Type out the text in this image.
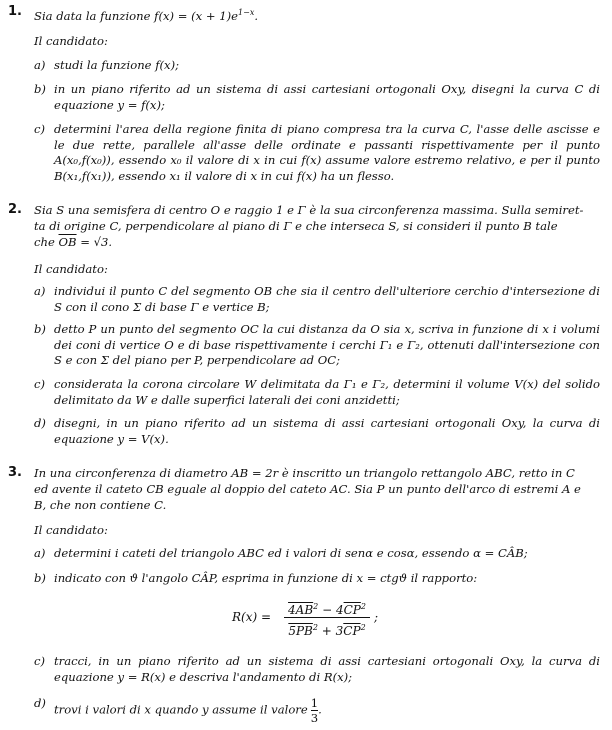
1. Sia data la funzione $f(x) = (x + 1)e^{1-x}$.
Il candidato:
a) studi la funzione f(x);
b) in un piano riferito ad un sistema di assi cartesiani ortogonali Oxy, disegni la curva C di equazione y = f(x);
c) determini l'area della regione finita di piano compresa tra la curva C, l'asse delle ascisse e le due rette, parallele all'asse delle ordinate e passanti rispettivamente per il punto A(x₀,f(x₀)), essendo x₀ il valore di x in cui f(x) assume valore estremo relativo, e per il punto B(x₁,f(x₁)), essendo x₁ il valore di x in cui f(x) ha un flesso.
2. Sia S una semisfera di centro O e raggio 1 e Γ è la sua circonferenza massima. Sulla semiret-
ta di origine C, perpendicolare al piano di Γ e che interseca S, si consideri il punto B tale
che $\overline{OB} = √3$.
Il candidato:
a) individui il punto C del segmento OB che sia il centro dell'ulteriore cerchio d'intersezione di S con il cono Σ di base Γ e vertice B;
b) detto P un punto del segmento OC la cui distanza da O sia x, scriva in funzione di x i volumi dei coni di vertice O e di base rispettivamente i cerchi Γ₁ e Γ₂, ottenuti dall'intersezione con S e con Σ del piano per P, perpendicolare ad OC;
c) considerata la corona circolare W delimitata da Γ₁ e Γ₂, determini il volume V(x) del solido delimitato da W e dalle superfici laterali dei coni anzidetti;
d) disegni, in un piano riferito ad un sistema di assi cartesiani ortogonali Oxy, la curva di equazione y = V(x).
3. In una circonferenza di diametro AB = 2r è inscritto un triangolo rettangolo ABC, retto in C
ed avente il cateto CB eguale al doppio del cateto AC. Sia P un punto dell'arco di estremi A e
B, che non contiene C.
Il candidato:
a) determini i cateti del triangolo ABC ed i valori di senα e cosα, essendo α = CÂB;
b) indicato con ϑ l'angolo CÂP, esprima in funzione di x = ctgϑ il rapporto:
R(x) =	$4AB^2 - 4\overline{CP}^2$
$5PB^2 + 3\overline{CP}^2$
;
c) tracci, in un piano riferito ad un sistema di assi cartesiani ortogonali Oxy, la curva di equazione y = R(x) e descriva l'andamento di R(x);
d) trovi i valori di x quando y assume il valore $\frac{1}{3}$ .
